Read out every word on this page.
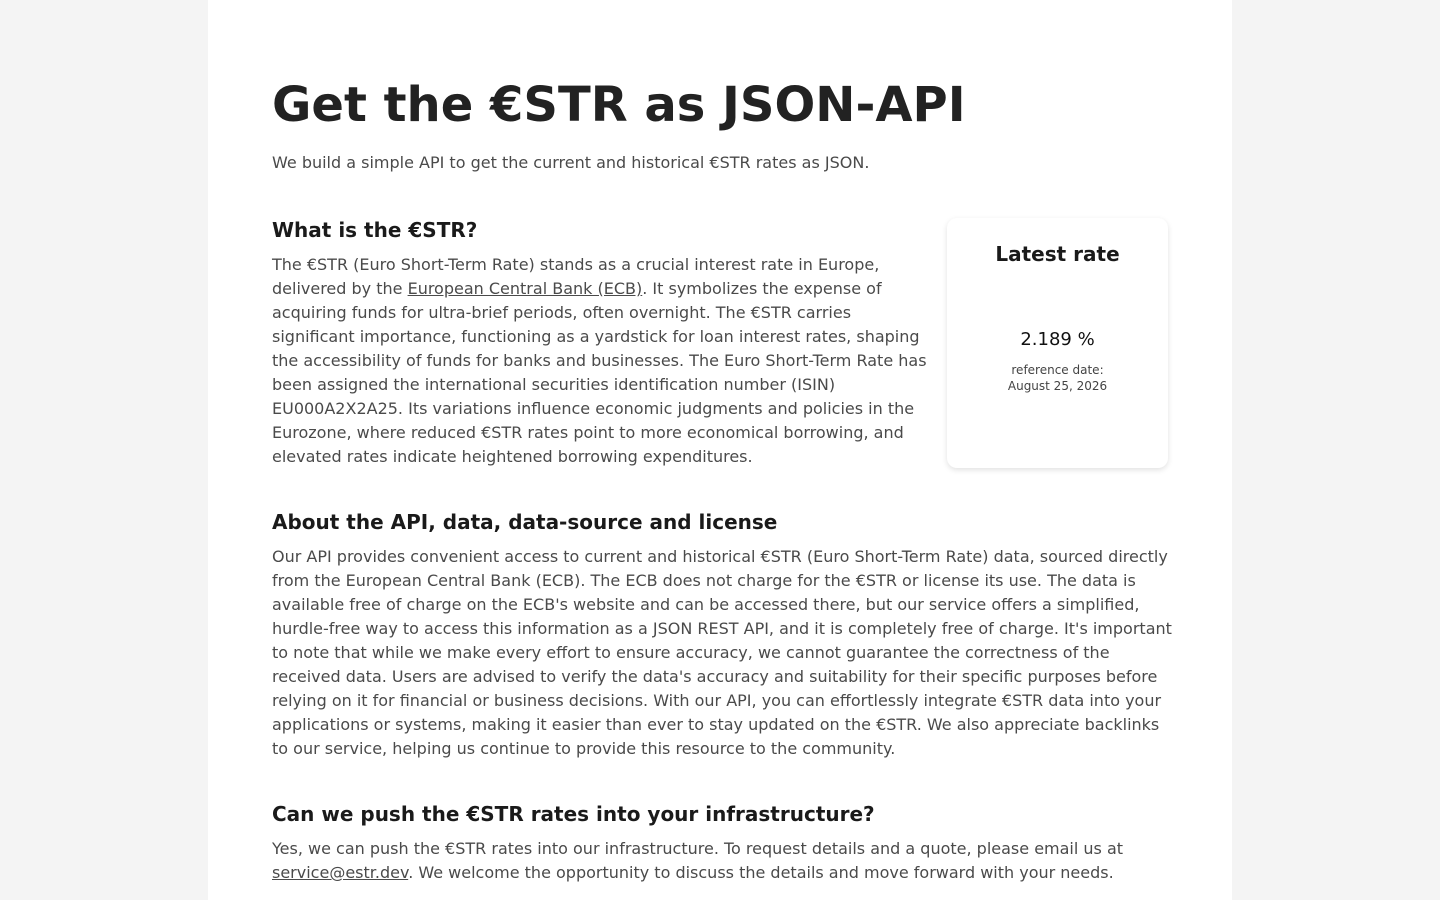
Get the €STR as JSON-API

We build a simple API to get the current and historical €STR rates as JSON.

What is the €STR?

The €STR (Euro Short-Term Rate) stands as a crucial interest rate in Europe, delivered by the European Central Bank (ECB). It symbolizes the expense of acquiring funds for ultra-brief periods, often overnight. The €STR carries significant importance, functioning as a yardstick for loan interest rates, shaping the accessibility of funds for banks and businesses. The Euro Short-Term Rate has been assigned the international securities identification number (ISIN) EU000A2X2A25. Its variations influence economic judgments and policies in the Eurozone, where reduced €STR rates point to more economical borrowing, and elevated rates indicate heightened borrowing expenditures.

Latest rate
2.189 %
reference date:
August 25, 2026
About the API, data, data-source and license

Our API provides convenient access to current and historical €STR (Euro Short-Term Rate) data, sourced directly from the European Central Bank (ECB). The ECB does not charge for the €STR or license its use. The data is available free of charge on the ECB's website and can be accessed there, but our service offers a simplified, hurdle-free way to access this information as a JSON REST API, and it is completely free of charge. It's important to note that while we make every effort to ensure accuracy, we cannot guarantee the correctness of the received data. Users are advised to verify the data's accuracy and suitability for their specific purposes before relying on it for financial or business decisions. With our API, you can effortlessly integrate €STR data into your applications or systems, making it easier than ever to stay updated on the €STR. We also appreciate backlinks to our service, helping us continue to provide this resource to the community.

Can we push the €STR rates into your infrastructure?

Yes, we can push the €STR rates into our infrastructure. To request details and a quote, please email us at service@estr.dev. We welcome the opportunity to discuss the details and move forward with your needs.
